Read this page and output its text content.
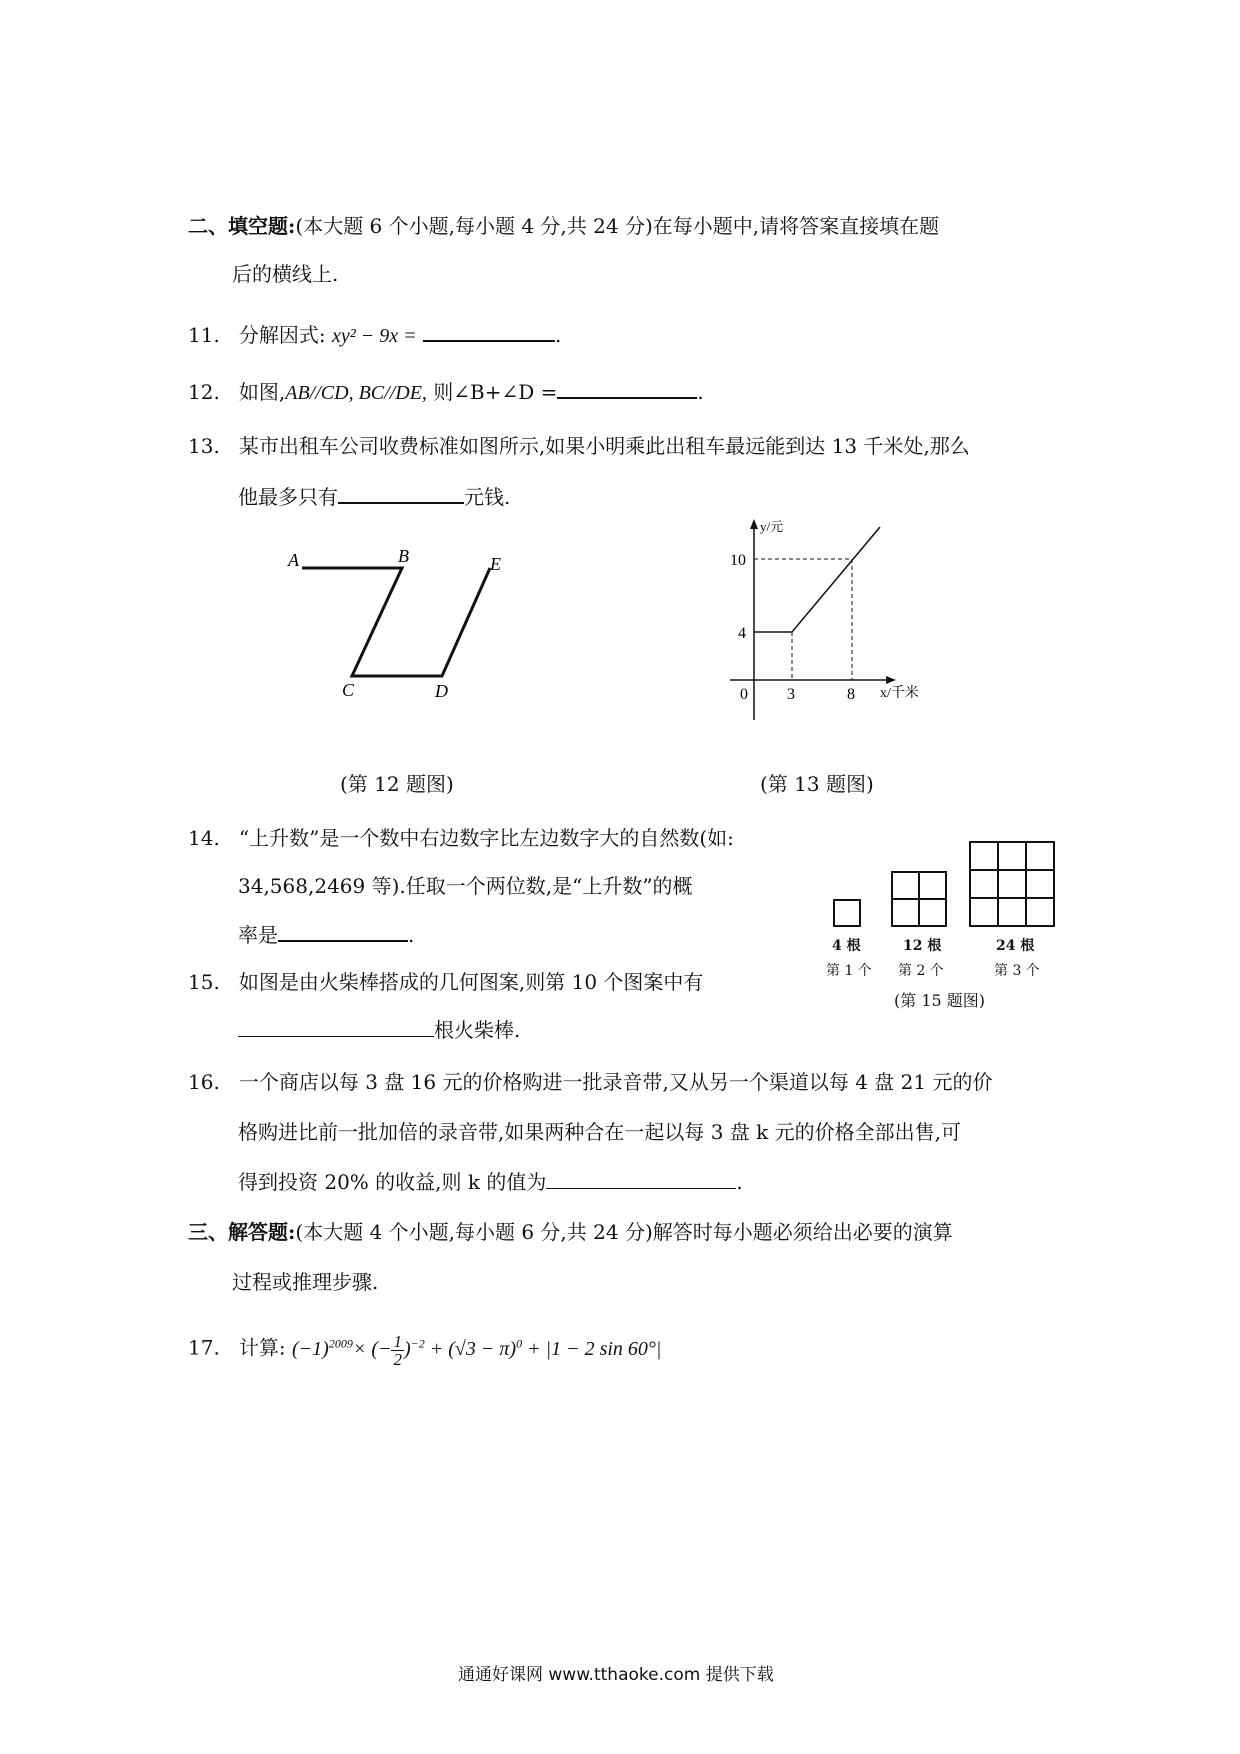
二、填空题:(本大题 6 个小题,每小题 4 分,共 24 分)在每小题中,请将答案直接填在题
后的横线上.
11. 分解因式: xy² − 9x =	.
12. 如图,AB//CD, BC//DE, 则∠B+∠D =	.
13. 某市出租车公司收费标准如图所示,如果小明乘此出租车最远能到达 13 千米处,那么
他最多只有	元钱.
A	B
C	D
E
(第 12 题图)
y/元
x/千米
0 3	8
4
10
(第 13 题图)
14. “上升数”是一个数中右边数字比左边数字大的自然数(如:
34,568,2469 等).任取一个两位数,是“上升数”的概
率是	.
15. 如图是由火柴棒搭成的几何图案,则第 10 个图案中有
根火柴棒.
4 根	12 根	24 根
第 1 个 第 2 个	第 3 个
(第 15 题图)
16. 一个商店以每 3 盘 16 元的价格购进一批录音带,又从另一个渠道以每 4 盘 21 元的价
格购进比前一批加倍的录音带,如果两种合在一起以每 3 盘 k 元的价格全部出售,可
得到投资 20% 的收益,则 k 的值为	.
三、解答题:(本大题 4 个小题,每小题 6 分,共 24 分)解答时每小题必须给出必要的演算
过程或推理步骤.
17. 计算: $(-1)^{2009}\times$ (− $\frac{1}{2} )^{-2} + (√3 - \pi)^0 + |1 - 2$ sin 60°|
通通好课网 www.tthaoke.com 提供下载
